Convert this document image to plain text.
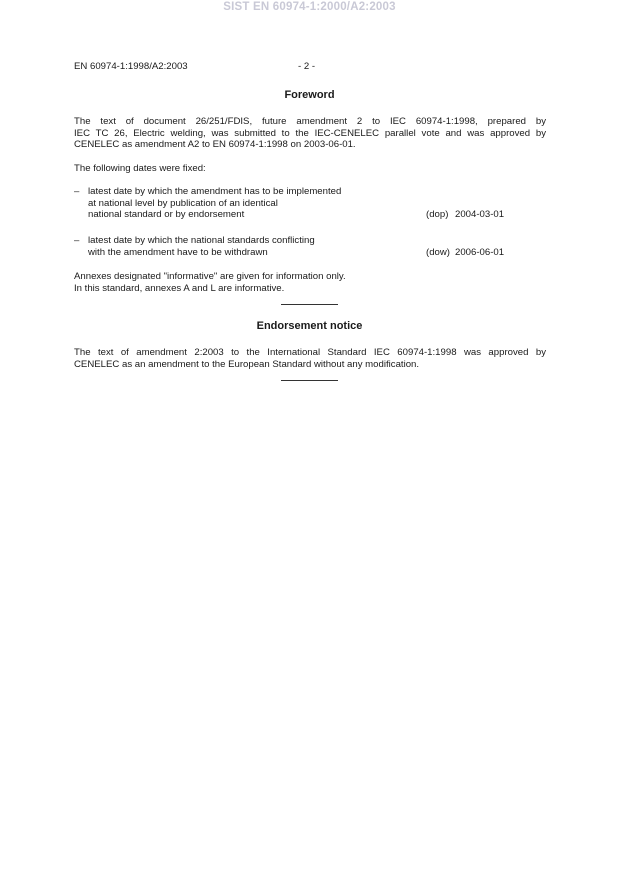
SIST EN 60974-1:2000/A2:2003
EN 60974-1:1998/A2:2003	- 2 -
Foreword
The text of document 26/251/FDIS, future amendment 2 to IEC 60974-1:1998, prepared by
IEC TC 26, Electric welding, was submitted to the IEC-CENELEC parallel vote and was approved by
CENELEC as amendment A2 to EN 60974-1:1998 on 2003-06-01.
The following dates were fixed:
– latest date by which the amendment has to be implemented
at national level by publication of an identical
national standard or by endorsement	(dop) 2004-03-01
– latest date by which the national standards conflicting
with the amendment have to be withdrawn	(dow) 2006-06-01
Annexes designated "informative" are given for information only.
In this standard, annexes A and L are informative.
Endorsement notice
The text of amendment 2:2003 to the International Standard IEC 60974-1:1998 was approved by
CENELEC as an amendment to the European Standard without any modification.
